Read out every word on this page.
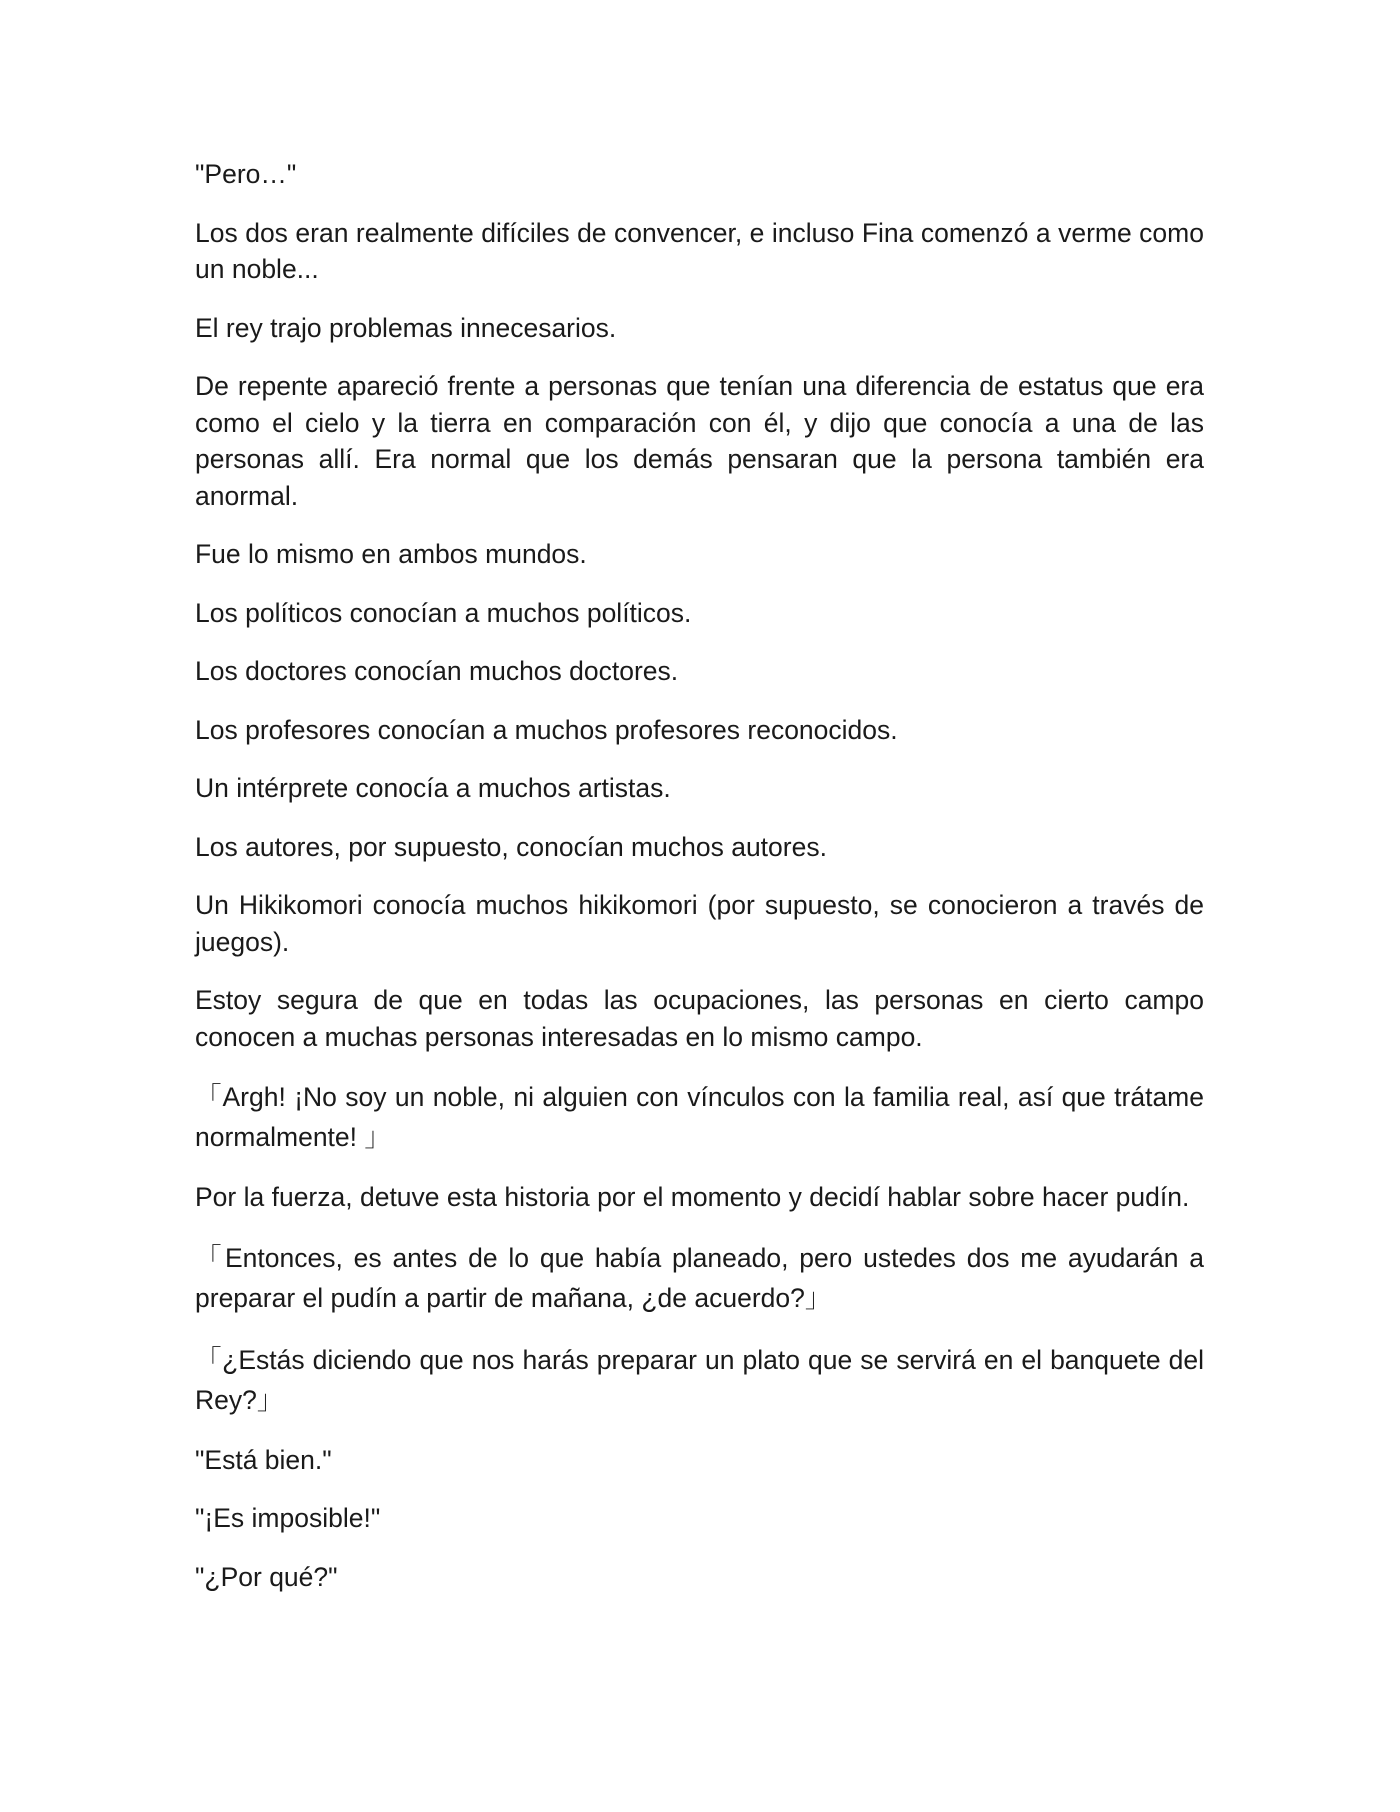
"Pero…"

Los dos eran realmente difíciles de convencer, e incluso Fina comenzó a verme como un noble...

El rey trajo problemas innecesarios.

De repente apareció frente a personas que tenían una diferencia de estatus que era como el cielo y la tierra en comparación con él, y dijo que conocía a una de las personas allí. Era normal que los demás pensaran que la persona también era anormal.

Fue lo mismo en ambos mundos.

Los políticos conocían a muchos políticos.

Los doctores conocían muchos doctores.

Los profesores conocían a muchos profesores reconocidos.

Un intérprete conocía a muchos artistas.

Los autores, por supuesto, conocían muchos autores.

Un Hikikomori conocía muchos hikikomori (por supuesto, se conocieron a través de juegos).

Estoy segura de que en todas las ocupaciones, las personas en cierto campo conocen a muchas personas interesadas en lo mismo campo.

「Argh! ¡No soy un noble, ni alguien con vínculos con la familia real, así que trátame normalmente! 」

Por la fuerza, detuve esta historia por el momento y decidí hablar sobre hacer pudín.

「Entonces, es antes de lo que había planeado, pero ustedes dos me ayudarán a preparar el pudín a partir de mañana, ¿de acuerdo?」

「¿Estás diciendo que nos harás preparar un plato que se servirá en el banquete del Rey?」

"Está bien."

"¡Es imposible!"

"¿Por qué?"
